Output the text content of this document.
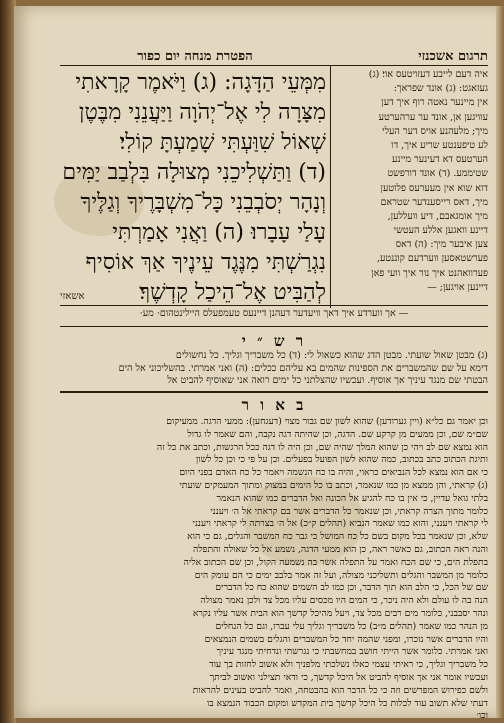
תרגום אשכנזי
הפטרת מנחה יום כפור
מִמְּעֵי הַדָּגָה: (ג) וַיֹּאמֶר קָרָאתִי
מִצָּרָה לִי אֶל־יְהֹוָה וַיַּעֲנֵנִי מִבֶּטֶן
שְׁאוֹל שִׁוַּעְתִּי שָׁמַעְתָּ קוֹלִי׃
(ד) וַתַּשְׁלִיכֵנִי מְצוּלָה בִּלְבַב יַמִּים
וְנָהָר יְסֹבְבֵנִי כָּל־מִשְׁבָּרֶיךָ וְגַלֶּיךָ
עָלַי עָבָרוּ׃ (ה) וַאֲנִי אָמַרְתִּי
נִגְרַשְׁתִּי מִנֶּגֶד עֵינֶיךָ אַךְ אוֹסִיף
לְהַבִּיט אֶל־הֵיכַל קָדְשֶׁךָ׃
איה דעם לייבע דעזויטעס אוי׃ (ג)
געזאגט: (ג) אונד שפראך:
אין מיינער נאטה רוף איך דען
עוויגען אן, אונד ער ערהערטע
מיך; מלעהנע אויס דער העלי
לע טיפענטע שריע איך, דו
הערטעס דא דעינער מיינע
שטיממע. (ד) אונד דורפשט
דוא שוא אין מעערעס פלוטען
מיך, דאס רייסענדער שטראם
מיך אומגאבם, דיע וועללען,
דיינע וואגען אללע העטשי
צען איבער מיך: (ה) דאס
פערשטאסען ווערדעם קוננטע,
פערוואהנט איך נור איך וועי פאן
דיינען אויגען; —
אשאזי
— אך ווערדע איך דאך וויעדער דעהנן דיינעס טעמפעלס היילינטהום· מע·
ר ש ״ י
(ג) מבטן שאול שועתי. מבטן הדג שהוא כשאול לי: (ד) כל משבריך וגליך. כל נחשולים
דימא על שם שהמשברים את הספינות שהמים בא עליהם ככלים: (ה) ואני אמרתי. בהשליכוני אל הים
הבטתי שם מנגד עיניך אך אוסיף. ועכשיו שהצלתני כל ימים רואה אני שאוסיף להביט אל
ב א ו ר
וכן יאמר גם כל״א (ויין גערודען) שהוא לשון שם גבור מצוי (דעגחען): ממעי הדגה. ממעיקום
שם״מ שם, וכן ממעים מן קרקע שם. הדגה, וכן שהיתה דגה נקבה, והם שאמר לו גדול
הוא נמצא שם לב ויהי כן שהוא המלך שהיה שם, וכן היה לו דגה ככל הרגשות, וכתב את כל זה
ותיגת הכתוב כתב בכתוב, כמה שהוא לשון הפועל בפעלים. וכן על פי כי וכן כל לשון
כי אם הוא נמצא לכל הנביאים כראוי, והיה בו כח הנשמה ויאמר כל כח האדם בפני היום
(ג) קראתי, והן ממצא מן כמו שנאמר, וכתב בו כל הימים במצוק ומתוך המעמקים שועתי
בלתי גואל עדיין, כי אין בו כח להגיע אל הכונה ואל הדברים כמו שהוא הנאמר
כלומר מתוך הצרה קראתי, וכן שנאמר כל הדברים אשר בם קראתי אל ה׳ ויענני
לי קראתי ויענני, והוא כמו שאמר הנביא (תהלים ק״כ) אל ה׳ בצרתה לי קראתי ויענני
שלא, וכן שנאמר בכל מקום בשם כל כח המושל כי גבר כח המשבר והגלים, גם כי הוא
והנה ראה הכתוב, גם כאשר ראה, כן הוא ממעי הדגה, נשמע אל כל שאולה והתפלה
בתפלת הים, כי שם הכח ואמר על התפלה אשר בה נשמעה הקול, וכן שם הכתוב אליה
כלומר מן המשבר והגלים ותשליכני מצולה, ועל זה אמר בלבב ימים כי הם עומק הים
שם של הכל, כי הלב הוא תוך הדבר, וכן כמו לב השמים שהוא כח כל הדברים
הנה בה לו עולם ולא היה ניכר, כי המים היו מכסים עליו מכל צד ולכן נאמר מצולה
ונהר יסבבני, כלומר מים רבים מכל צד, ויעל מהיכל קדשך הוא הבית אשר עליו נקרא
מן הנהר כמו שאמר (תהלים מ״ב) כל משבריך וגליך עלי עברו, וגם כל הנחלים
והיו הדברים אשר נזכרו, ומפני שהמה יחד כל המשברים והגלים בשמים הנמצאים
ואני אמרתי. כלומר אשר הייתי חושב במחשבתי כי נגרשתי ונדחיתי מנגד עיניך
כל משבריך וגליך, כי ראיתי עצמי כאלו נשלכתי מלפניך ולא אשוב לחזות בך עוד
ועכשיו אומר אני אך אוסיף להביט אל היכל קדשך, כי ודאי תצילני ואשוב לביתך
ולשם כפירוש המפרשים וזה כי כל הדבר הוא בהבטחה, ואמר להביט בעינים להראות
דעתי שלא תשוב עוד לכלות כל היכל קדשך בית המקדש ומקום הכבוד הנמצא בו
וכו׳
